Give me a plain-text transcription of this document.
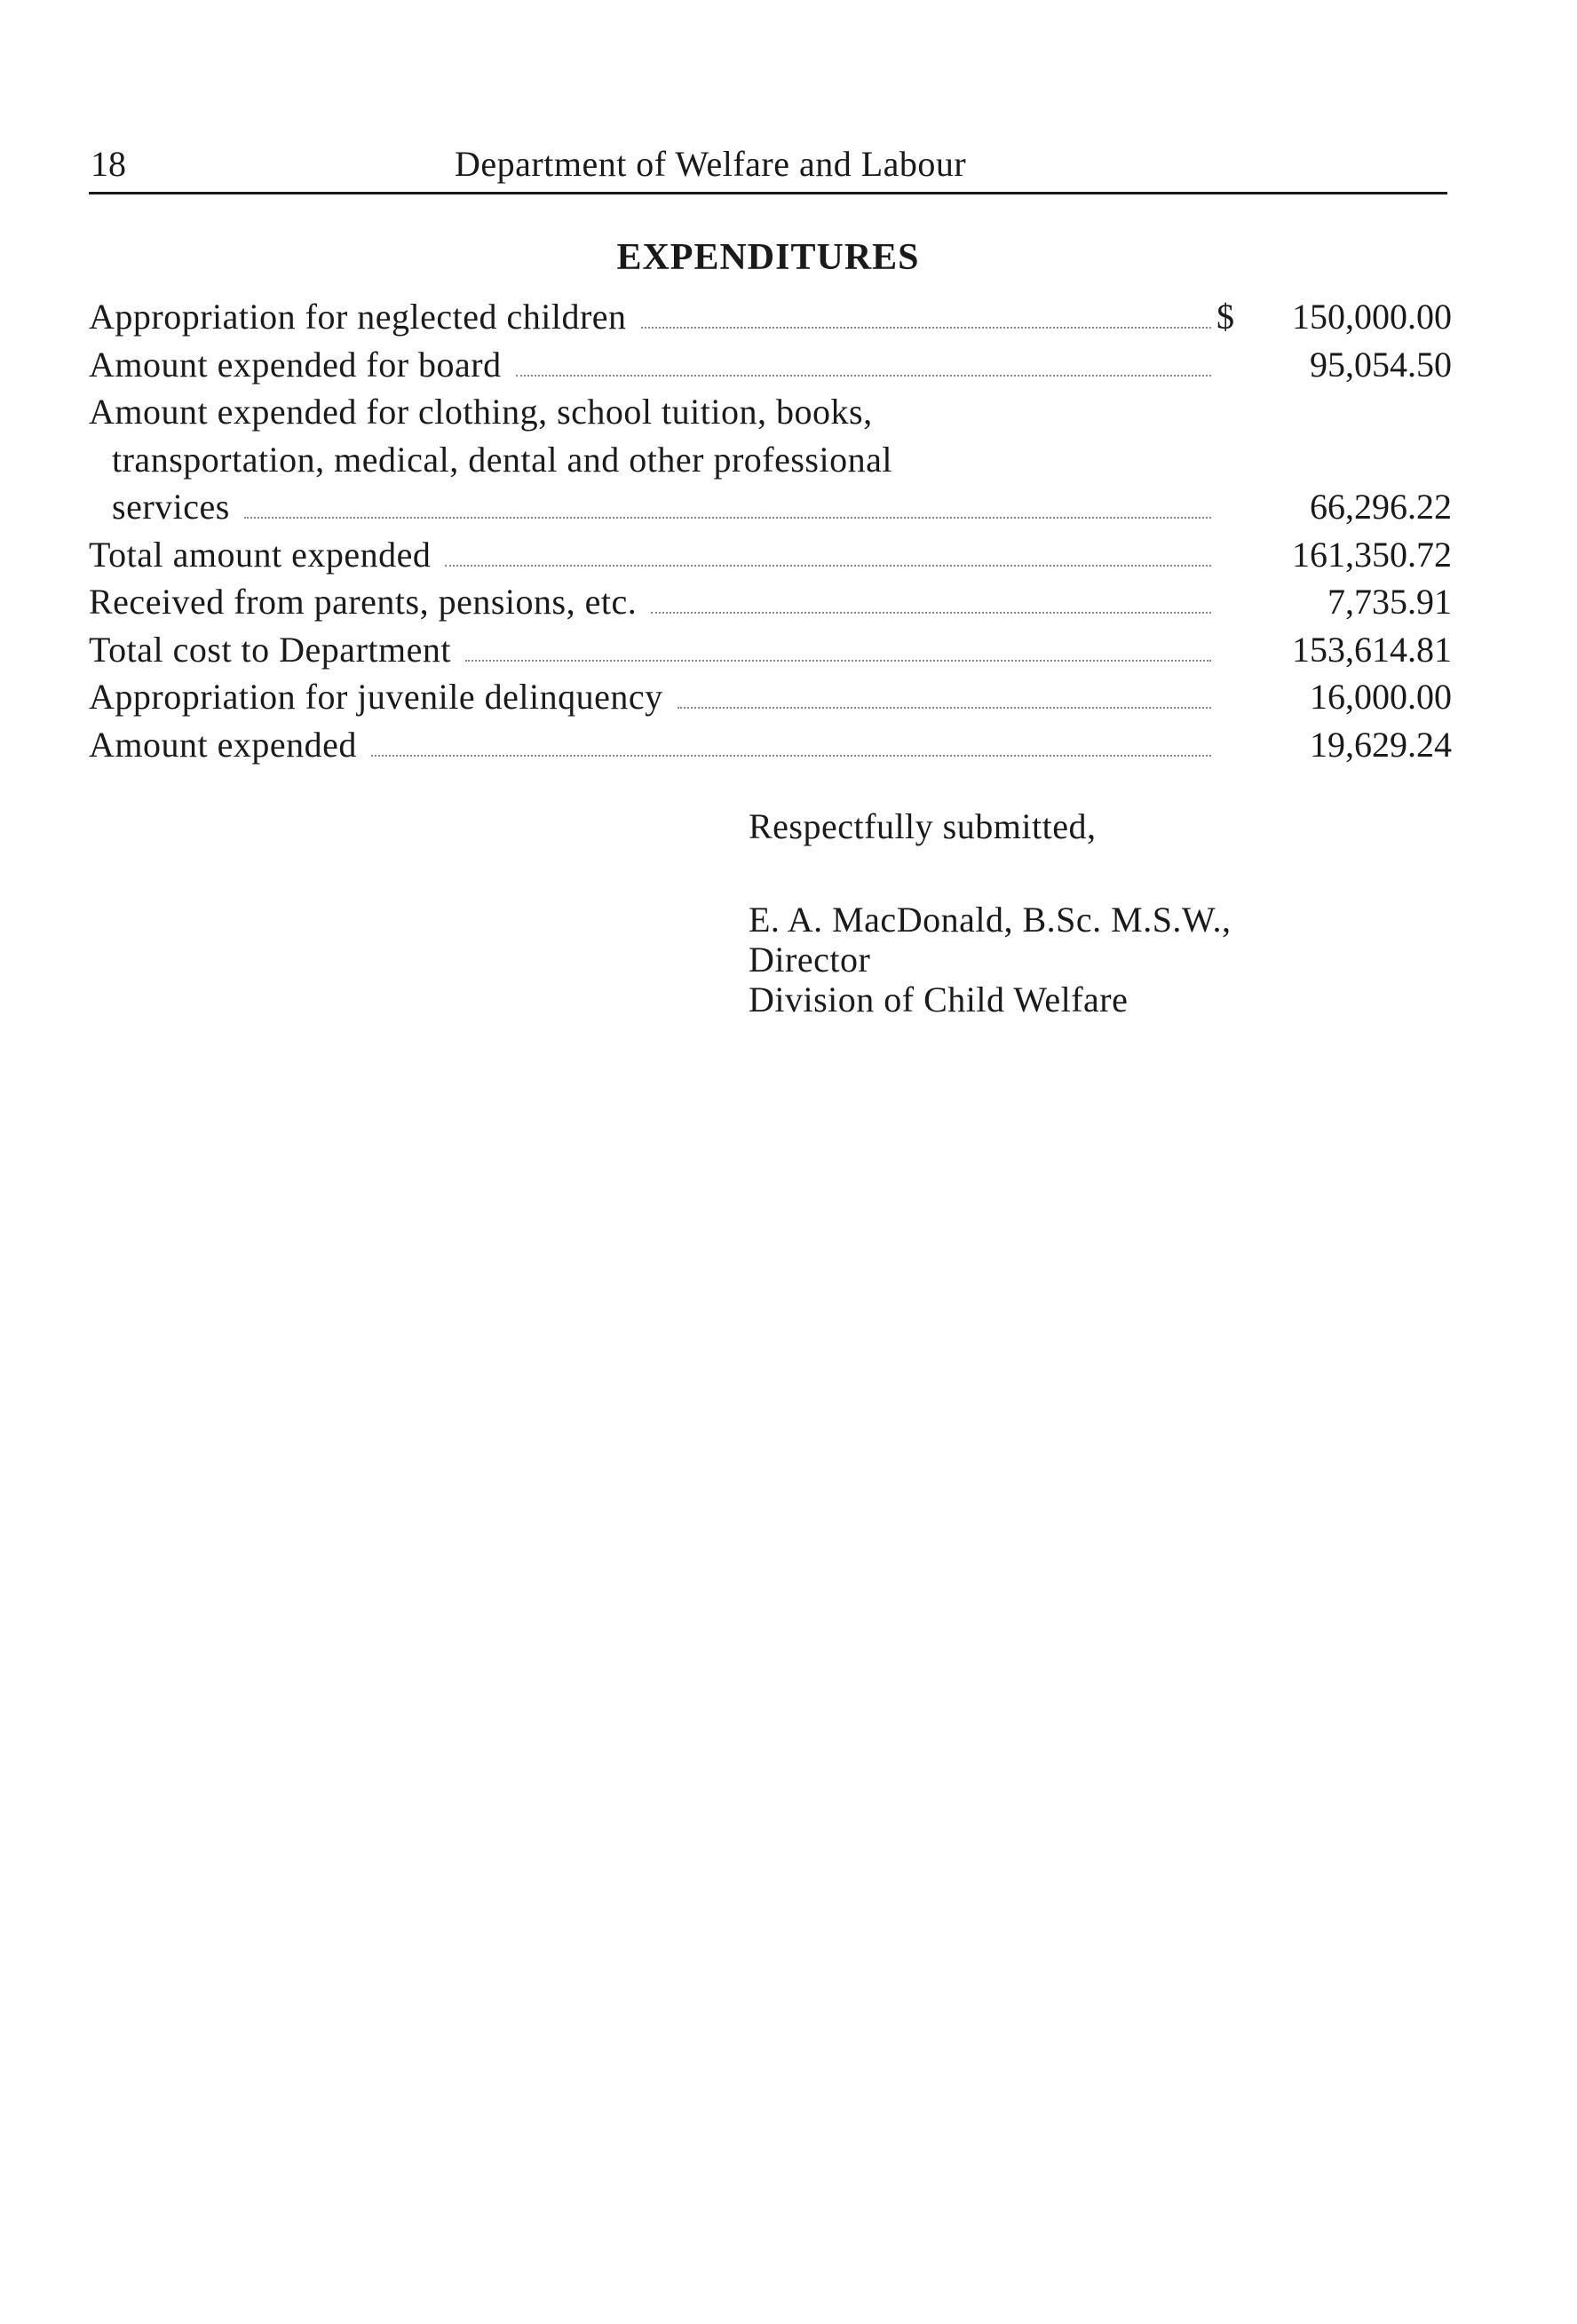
18	Department of Welfare and Labour
EXPENDITURES
Appropriation for neglected children	$	150,000.00
Amount expended for board	95,054.50
Amount expended for clothing, school tuition, books,
transportation, medical, dental and other professional
services	66,296.22
Total amount expended	161,350.72
Received from parents, pensions, etc.	7,735.91
Total cost to Department	153,614.81
Appropriation for juvenile delinquency	16,000.00
Amount expended	19,629.24
Respectfully submitted,
E. A. MacDonald, B.Sc. M.S.W.,
Director
Division of Child Welfare
